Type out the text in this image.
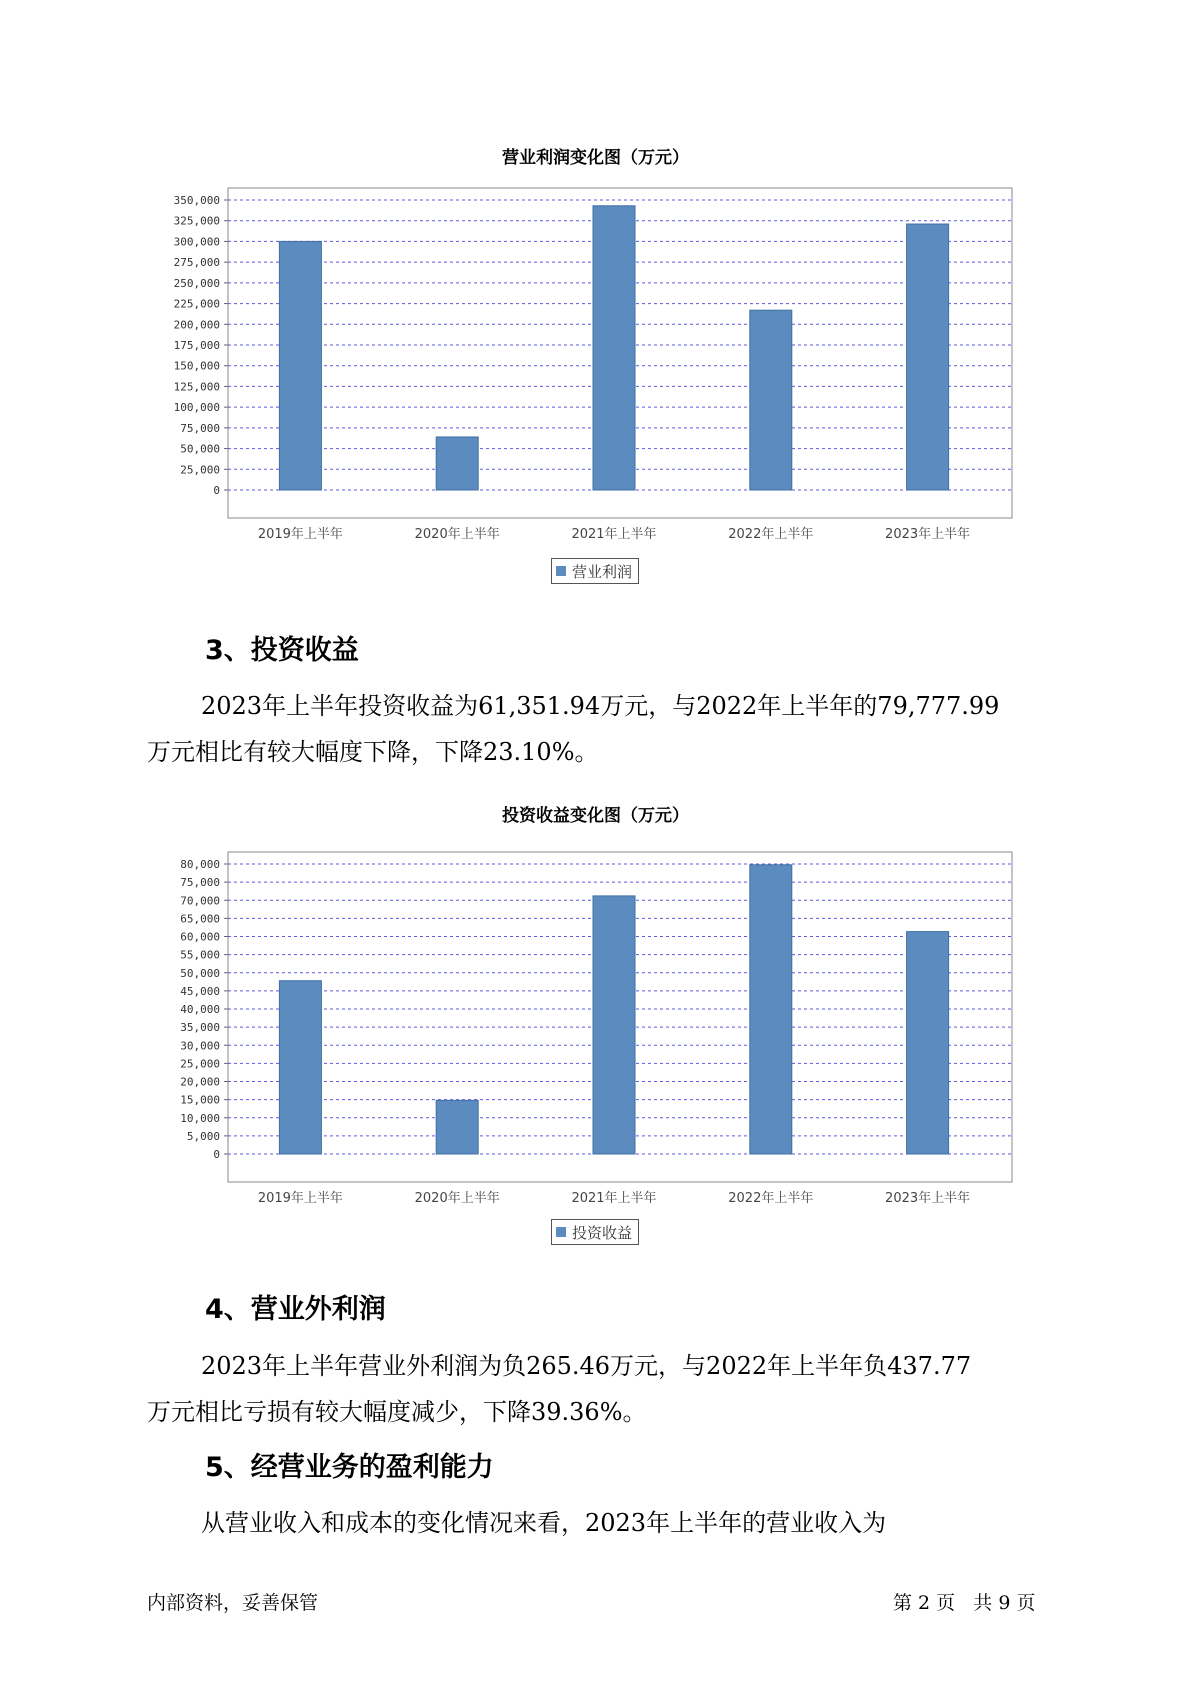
营业利润变化图（万元）
0
25,000
50,000
75,000
100,000
125,000
150,000
175,000
200,000
225,000
250,000
275,000
300,000
325,000
350,000
2019年上半年	2020年上半年	2021年上半年	2022年上半年	2023年上半年
营业利润
3、投资收益

2023年上半年投资收益为61,351.94万元，与2022年上半年的79,777.99
万元相比有较大幅度下降，下降23.10%。

投资收益变化图（万元）
0
5,000
10,000
15,000
20,000
25,000
30,000
35,000
40,000
45,000
50,000
55,000
60,000
65,000
70,000
75,000
80,000
2019年上半年	2020年上半年	2021年上半年	2022年上半年	2023年上半年
投资收益
4、营业外利润

2023年上半年营业外利润为负265.46万元，与2022年上半年负437.77
万元相比亏损有较大幅度减少，下降39.36%。

5、经营业务的盈利能力

从营业收入和成本的变化情况来看，2023年上半年的营业收入为

内部资料，妥善保管	第 2 页   共 9 页
